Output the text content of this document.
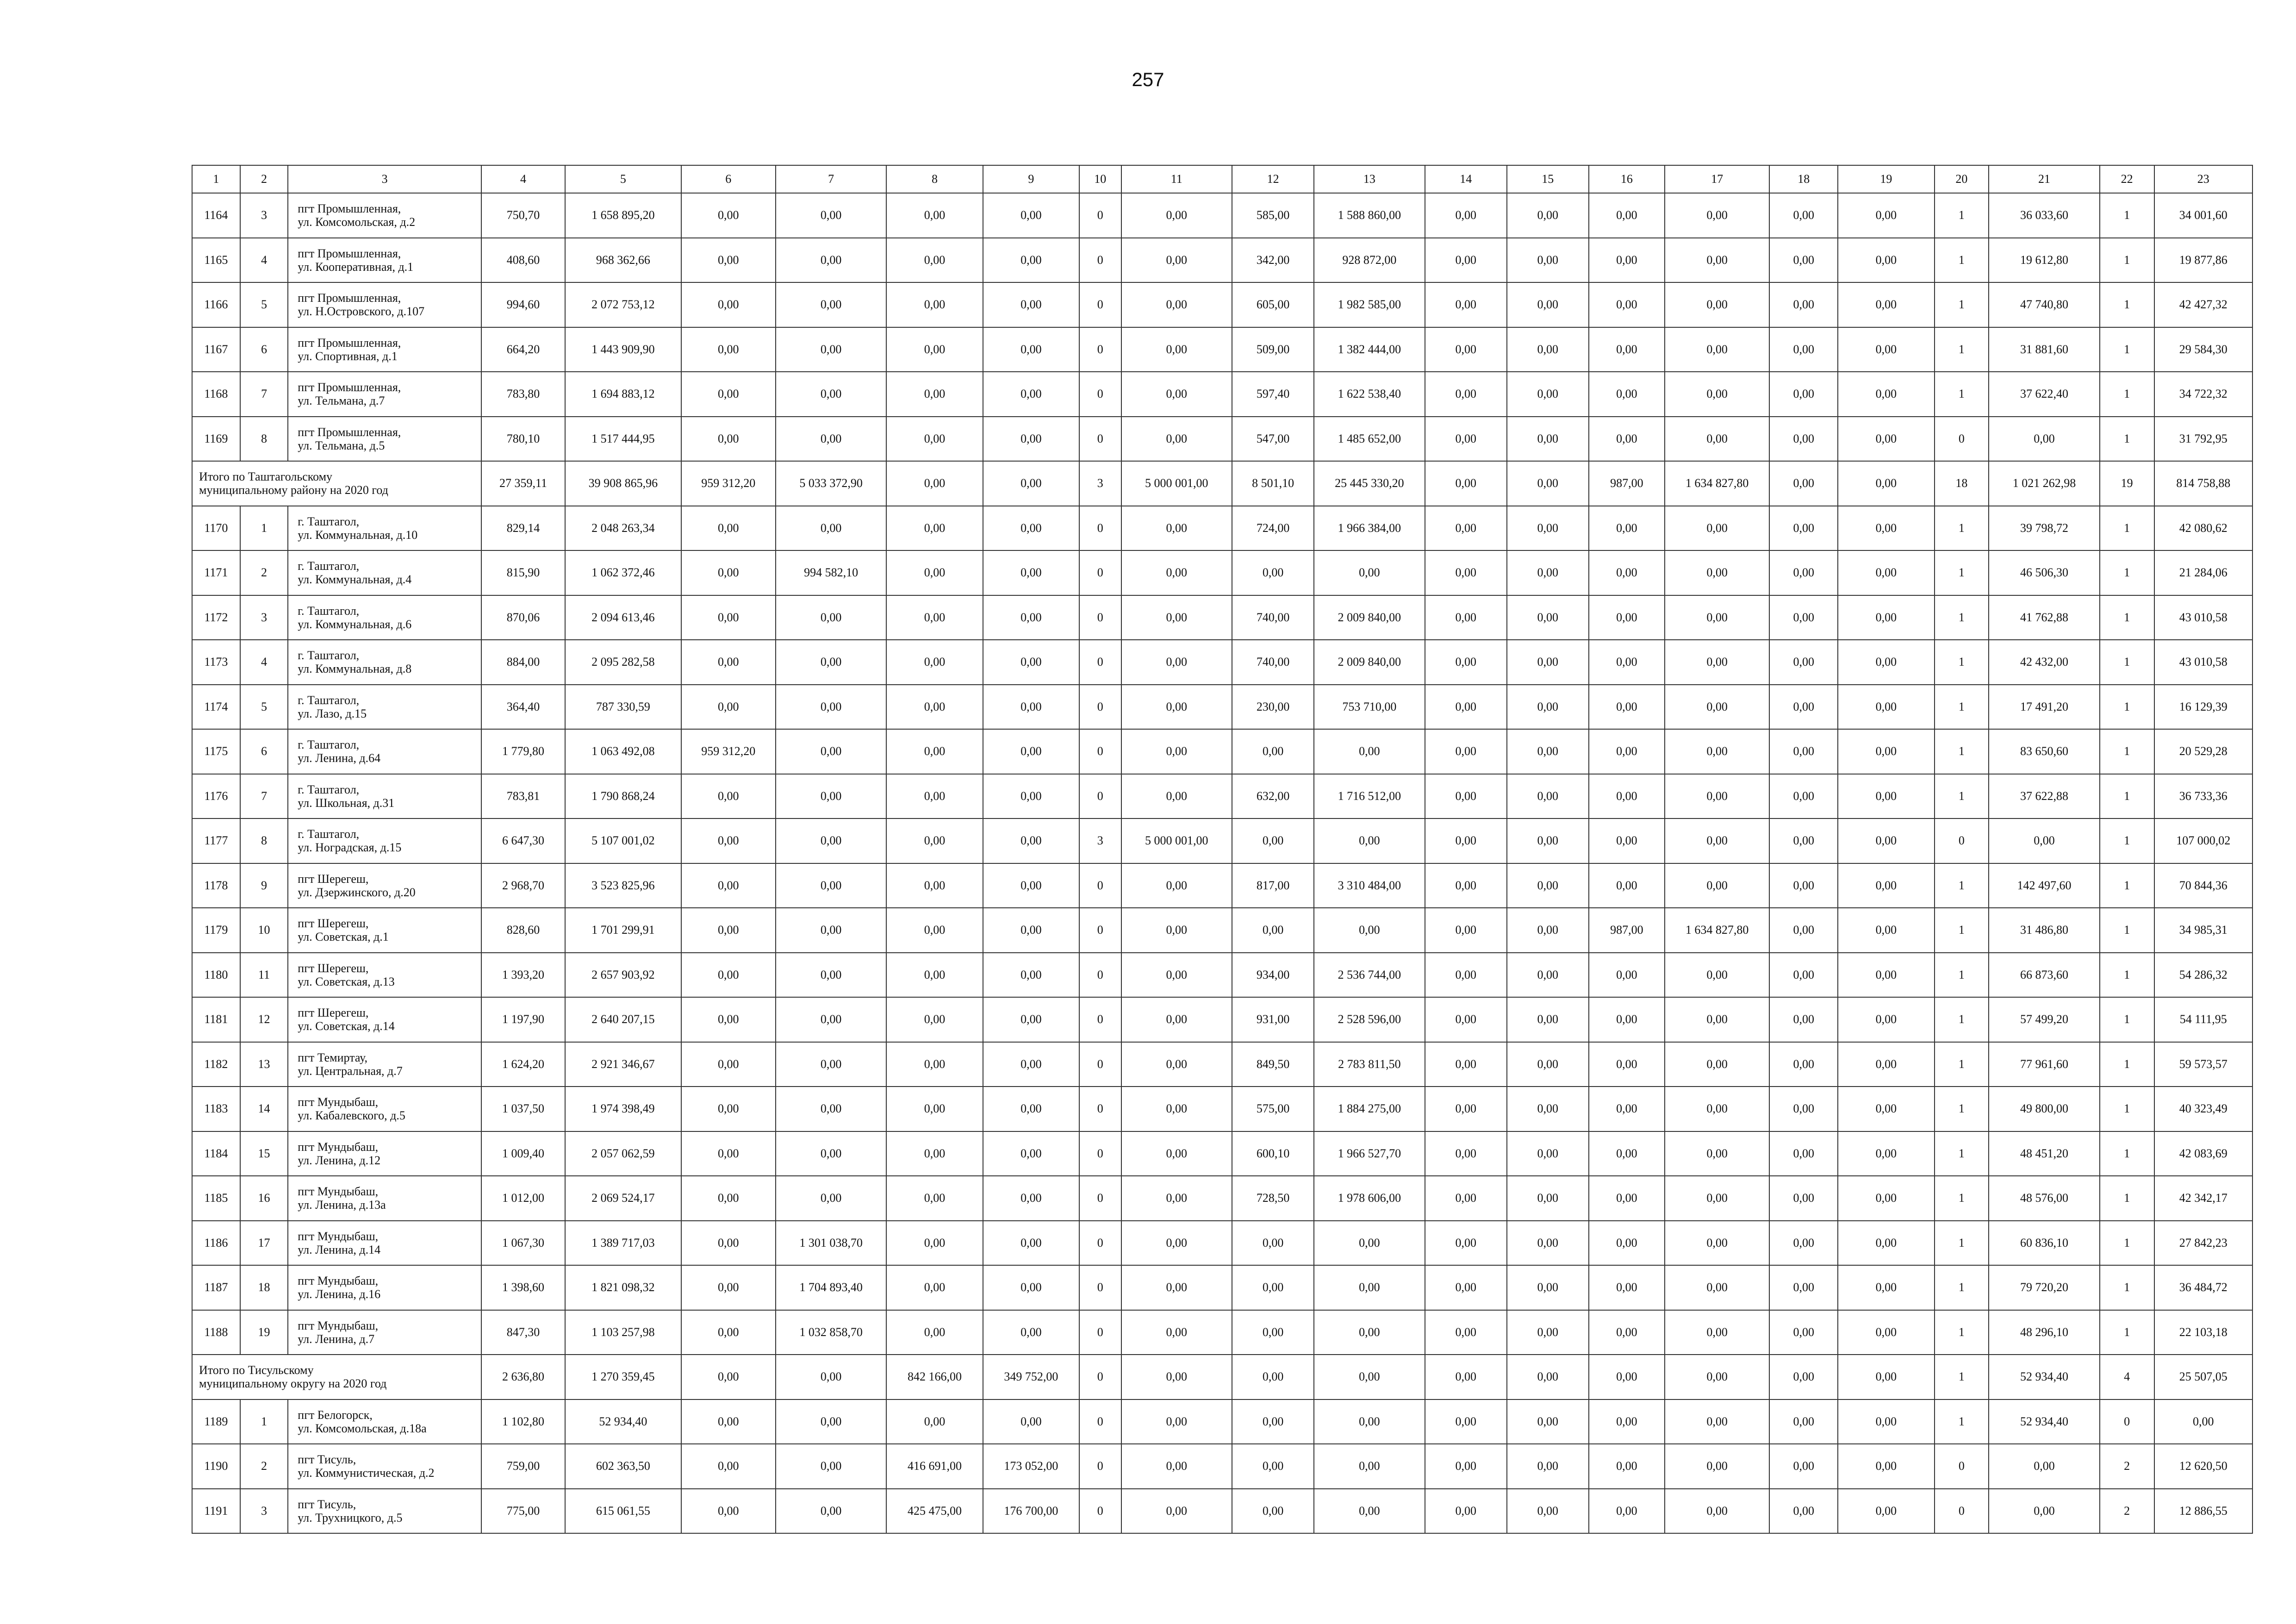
257
1	2	3	4	5	6	7	8	9	10	11	12	13	14	15	16	17	18	19	20	21	22	23
1164	3	пгт Промышленная,
ул. Комсомольская, д.2	750,70	1 658 895,20	0,00	0,00	0,00	0,00	0	0,00	585,00	1 588 860,00	0,00	0,00	0,00	0,00	0,00	0,00	1	36 033,60	1	34 001,60
1165	4	пгт Промышленная,
ул. Кооперативная, д.1	408,60	968 362,66	0,00	0,00	0,00	0,00	0	0,00	342,00	928 872,00	0,00	0,00	0,00	0,00	0,00	0,00	1	19 612,80	1	19 877,86
1166	5	пгт Промышленная,
ул. Н.Островского, д.107	994,60	2 072 753,12	0,00	0,00	0,00	0,00	0	0,00	605,00	1 982 585,00	0,00	0,00	0,00	0,00	0,00	0,00	1	47 740,80	1	42 427,32
1167	6	пгт Промышленная,
ул. Спортивная, д.1	664,20	1 443 909,90	0,00	0,00	0,00	0,00	0	0,00	509,00	1 382 444,00	0,00	0,00	0,00	0,00	0,00	0,00	1	31 881,60	1	29 584,30
1168	7	пгт Промышленная,
ул. Тельмана, д.7	783,80	1 694 883,12	0,00	0,00	0,00	0,00	0	0,00	597,40	1 622 538,40	0,00	0,00	0,00	0,00	0,00	0,00	1	37 622,40	1	34 722,32
1169	8	пгт Промышленная,
ул. Тельмана, д.5	780,10	1 517 444,95	0,00	0,00	0,00	0,00	0	0,00	547,00	1 485 652,00	0,00	0,00	0,00	0,00	0,00	0,00	0	0,00	1	31 792,95
Итого по Таштагольскому
муниципальному району на 2020 год			27 359,11	39 908 865,96	959 312,20	5 033 372,90	0,00	0,00	3	5 000 001,00	8 501,10	25 445 330,20	0,00	0,00	987,00	1 634 827,80	0,00	0,00	18	1 021 262,98	19	814 758,88
1170	1	г. Таштагол,
ул. Коммунальная, д.10	829,14	2 048 263,34	0,00	0,00	0,00	0,00	0	0,00	724,00	1 966 384,00	0,00	0,00	0,00	0,00	0,00	0,00	1	39 798,72	1	42 080,62
1171	2	г. Таштагол,
ул. Коммунальная, д.4	815,90	1 062 372,46	0,00	994 582,10	0,00	0,00	0	0,00	0,00	0,00	0,00	0,00	0,00	0,00	0,00	0,00	1	46 506,30	1	21 284,06
1172	3	г. Таштагол,
ул. Коммунальная, д.6	870,06	2 094 613,46	0,00	0,00	0,00	0,00	0	0,00	740,00	2 009 840,00	0,00	0,00	0,00	0,00	0,00	0,00	1	41 762,88	1	43 010,58
1173	4	г. Таштагол,
ул. Коммунальная, д.8	884,00	2 095 282,58	0,00	0,00	0,00	0,00	0	0,00	740,00	2 009 840,00	0,00	0,00	0,00	0,00	0,00	0,00	1	42 432,00	1	43 010,58
1174	5	г. Таштагол,
ул. Лазо, д.15	364,40	787 330,59	0,00	0,00	0,00	0,00	0	0,00	230,00	753 710,00	0,00	0,00	0,00	0,00	0,00	0,00	1	17 491,20	1	16 129,39
1175	6	г. Таштагол,
ул. Ленина, д.64	1 779,80	1 063 492,08	959 312,20	0,00	0,00	0,00	0	0,00	0,00	0,00	0,00	0,00	0,00	0,00	0,00	0,00	1	83 650,60	1	20 529,28
1176	7	г. Таштагол,
ул. Школьная, д.31	783,81	1 790 868,24	0,00	0,00	0,00	0,00	0	0,00	632,00	1 716 512,00	0,00	0,00	0,00	0,00	0,00	0,00	1	37 622,88	1	36 733,36
1177	8	г. Таштагол,
ул. Ноградская, д.15	6 647,30	5 107 001,02	0,00	0,00	0,00	0,00	3	5 000 001,00	0,00	0,00	0,00	0,00	0,00	0,00	0,00	0,00	0	0,00	1	107 000,02
1178	9	пгт Шерегеш,
ул. Дзержинского, д.20	2 968,70	3 523 825,96	0,00	0,00	0,00	0,00	0	0,00	817,00	3 310 484,00	0,00	0,00	0,00	0,00	0,00	0,00	1	142 497,60	1	70 844,36
1179	10	пгт Шерегеш,
ул. Советская, д.1	828,60	1 701 299,91	0,00	0,00	0,00	0,00	0	0,00	0,00	0,00	0,00	0,00	987,00	1 634 827,80	0,00	0,00	1	31 486,80	1	34 985,31
1180	11	пгт Шерегеш,
ул. Советская, д.13	1 393,20	2 657 903,92	0,00	0,00	0,00	0,00	0	0,00	934,00	2 536 744,00	0,00	0,00	0,00	0,00	0,00	0,00	1	66 873,60	1	54 286,32
1181	12	пгт Шерегеш,
ул. Советская, д.14	1 197,90	2 640 207,15	0,00	0,00	0,00	0,00	0	0,00	931,00	2 528 596,00	0,00	0,00	0,00	0,00	0,00	0,00	1	57 499,20	1	54 111,95
1182	13	пгт Темиртау,
ул. Центральная, д.7	1 624,20	2 921 346,67	0,00	0,00	0,00	0,00	0	0,00	849,50	2 783 811,50	0,00	0,00	0,00	0,00	0,00	0,00	1	77 961,60	1	59 573,57
1183	14	пгт Мундыбаш,
ул. Кабалевского, д.5	1 037,50	1 974 398,49	0,00	0,00	0,00	0,00	0	0,00	575,00	1 884 275,00	0,00	0,00	0,00	0,00	0,00	0,00	1	49 800,00	1	40 323,49
1184	15	пгт Мундыбаш,
ул. Ленина, д.12	1 009,40	2 057 062,59	0,00	0,00	0,00	0,00	0	0,00	600,10	1 966 527,70	0,00	0,00	0,00	0,00	0,00	0,00	1	48 451,20	1	42 083,69
1185	16	пгт Мундыбаш,
ул. Ленина, д.13а	1 012,00	2 069 524,17	0,00	0,00	0,00	0,00	0	0,00	728,50	1 978 606,00	0,00	0,00	0,00	0,00	0,00	0,00	1	48 576,00	1	42 342,17
1186	17	пгт Мундыбаш,
ул. Ленина, д.14	1 067,30	1 389 717,03	0,00	1 301 038,70	0,00	0,00	0	0,00	0,00	0,00	0,00	0,00	0,00	0,00	0,00	0,00	1	60 836,10	1	27 842,23
1187	18	пгт Мундыбаш,
ул. Ленина, д.16	1 398,60	1 821 098,32	0,00	1 704 893,40	0,00	0,00	0	0,00	0,00	0,00	0,00	0,00	0,00	0,00	0,00	0,00	1	79 720,20	1	36 484,72
1188	19	пгт Мундыбаш,
ул. Ленина, д.7	847,30	1 103 257,98	0,00	1 032 858,70	0,00	0,00	0	0,00	0,00	0,00	0,00	0,00	0,00	0,00	0,00	0,00	1	48 296,10	1	22 103,18
Итого по Тисульскому
муниципальному округу на 2020 год			2 636,80	1 270 359,45	0,00	0,00	842 166,00	349 752,00	0	0,00	0,00	0,00	0,00	0,00	0,00	0,00	0,00	0,00	1	52 934,40	4	25 507,05
1189	1	пгт Белогорск,
ул. Комсомольская, д.18а	1 102,80	52 934,40	0,00	0,00	0,00	0,00	0	0,00	0,00	0,00	0,00	0,00	0,00	0,00	0,00	0,00	1	52 934,40	0	0,00
1190	2	пгт Тисуль,
ул. Коммунистическая, д.2	759,00	602 363,50	0,00	0,00	416 691,00	173 052,00	0	0,00	0,00	0,00	0,00	0,00	0,00	0,00	0,00	0,00	0	0,00	2	12 620,50
1191	3	пгт Тисуль,
ул. Трухницкого, д.5	775,00	615 061,55	0,00	0,00	425 475,00	176 700,00	0	0,00	0,00	0,00	0,00	0,00	0,00	0,00	0,00	0,00	0	0,00	2	12 886,55
